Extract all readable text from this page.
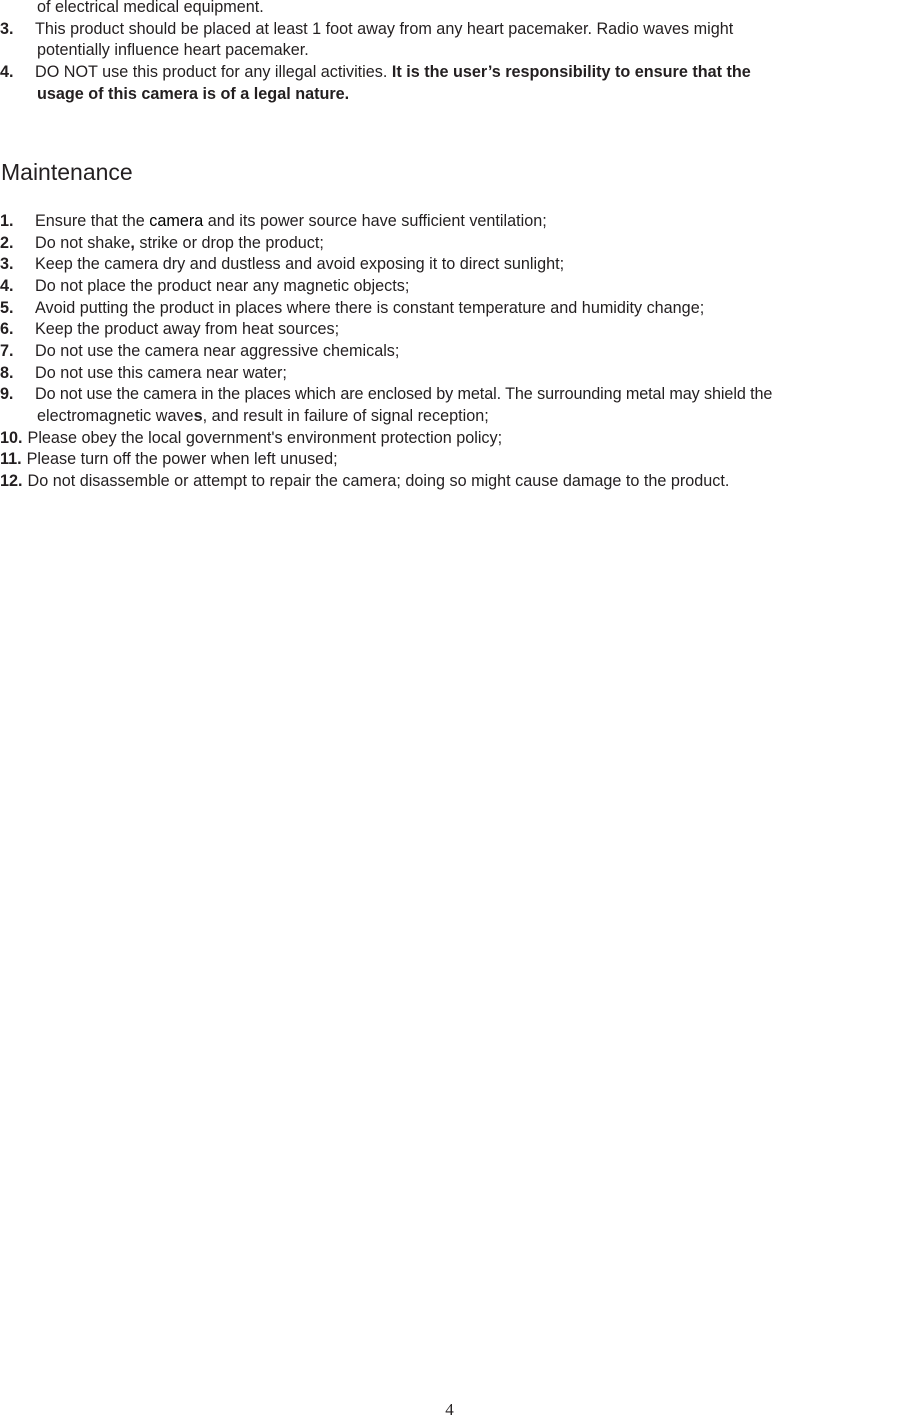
of electrical medical equipment.
3. This product should be placed at least 1 foot away from any heart pacemaker. Radio waves might
potentially influence heart pacemaker.
4. DO NOT use this product for any illegal activities. It is the user’s responsibility to ensure that the
usage of this camera is of a legal nature.
Maintenance
1. Ensure that the camera and its power source have sufficient ventilation;
2. Do not shake, strike or drop the product;
3. Keep the camera dry and dustless and avoid exposing it to direct sunlight;
4. Do not place the product near any magnetic objects;
5. Avoid putting the product in places where there is constant temperature and humidity change;
6. Keep the product away from heat sources;
7. Do not use the camera near aggressive chemicals;
8. Do not use this camera near water;
9. Do not use the camera in the places which are enclosed by metal. The surrounding metal may shield the
electromagnetic waves, and result in failure of signal reception;
10. Please obey the local government's environment protection policy;
11. Please turn off the power when left unused;
12. Do not disassemble or attempt to repair the camera; doing so might cause damage to the product.
4
